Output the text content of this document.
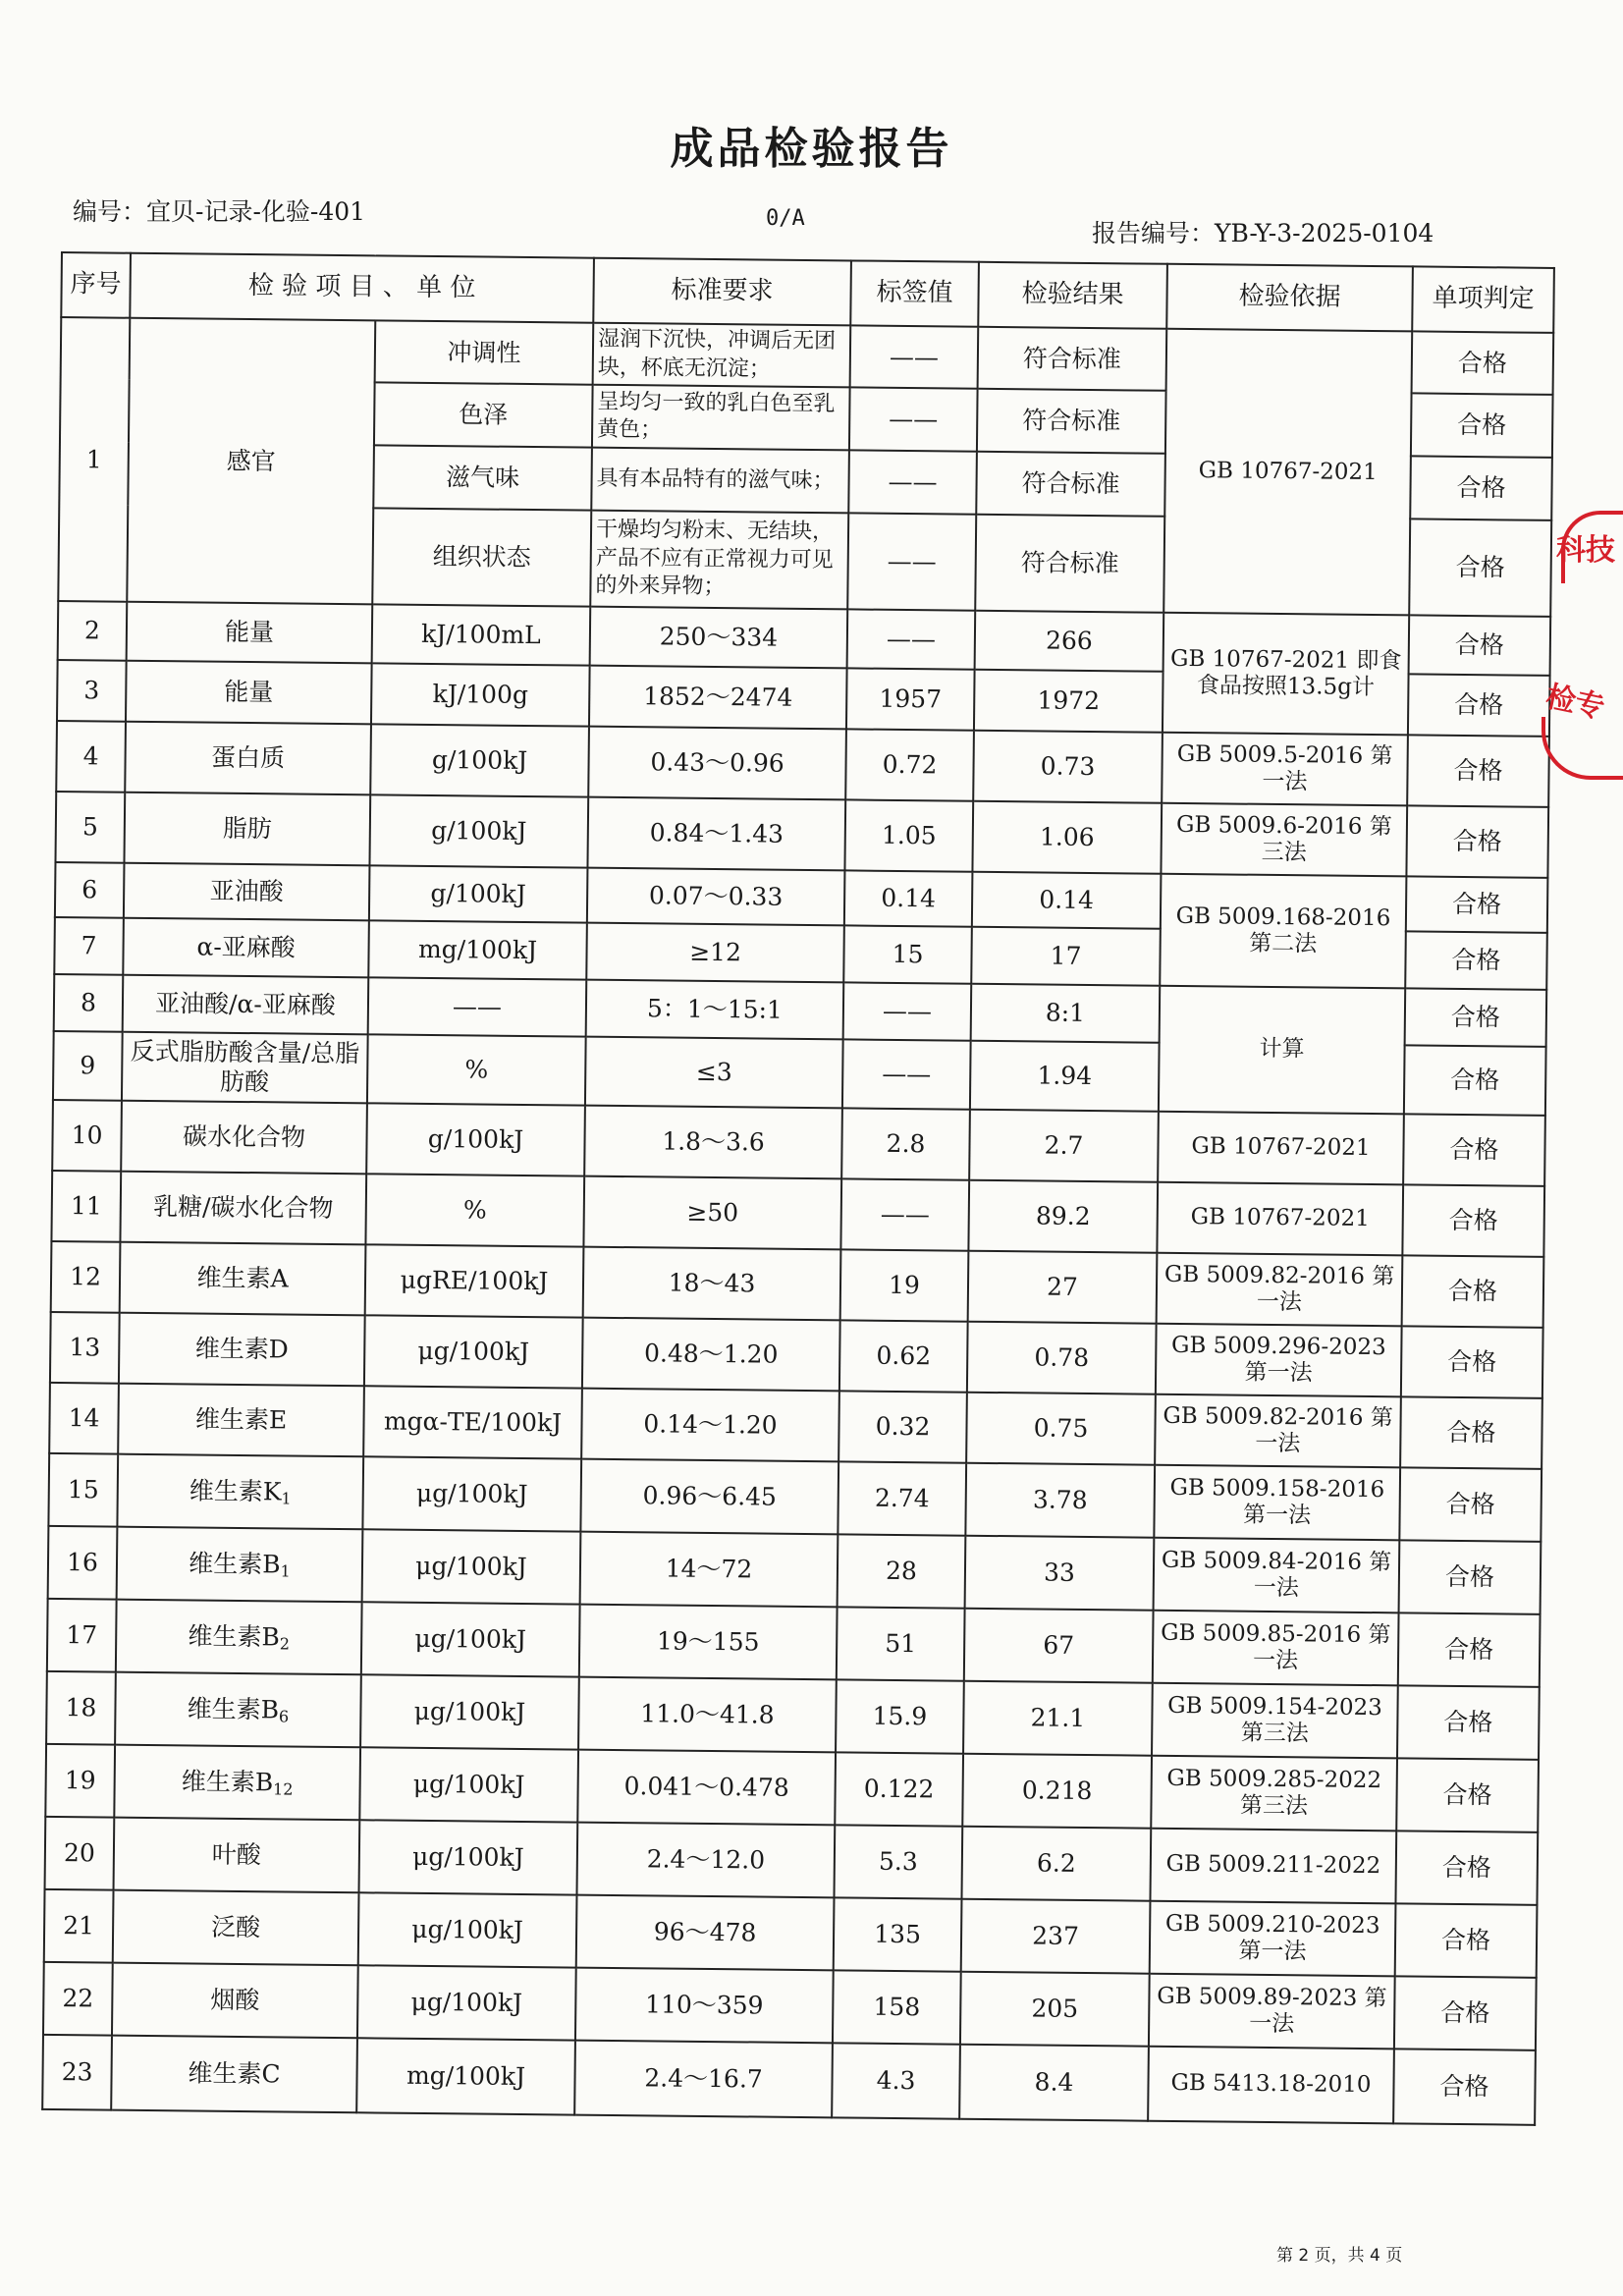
成品检验报告
编号：宜贝-记录-化验-401	0/A
报告编号：YB-Y-3-2025-0104
序号	检 验 项 目 、 单 位		标准要求	标签值	检验结果	检验依据	单项判定
1	感官	冲调性	湿润下沉快，冲调后无团块，杯底无沉淀；	——	符合标准	GB 10767-2021	合格
		色泽	呈均匀一致的乳白色至乳黄色；	——	符合标准		合格
		滋气味	具有本品特有的滋气味；	——	符合标准		合格
		组织状态	干燥均匀粉末、无结块，产品不应有正常视力可见的外来异物；	——	符合标准		合格
2	能量	kJ/100mL	250～334	——	266	GB 10767-2021 即食食品按照13.5g计	合格
3	能量	kJ/100g	1852～2474	1957	1972		合格
4	蛋白质	g/100kJ	0.43～0.96	0.72	0.73	GB 5009.5-2016 第一法	合格
5	脂肪	g/100kJ	0.84～1.43	1.05	1.06	GB 5009.6-2016 第三法	合格
6	亚油酸	g/100kJ	0.07～0.33	0.14	0.14	GB 5009.168-2016 第二法	合格
7	α-亚麻酸	mg/100kJ	≥12	15	17		合格
8	亚油酸/α-亚麻酸	——	5：1～15:1	——	8:1	计算	合格
9	反式脂肪酸含量/总脂肪酸	%	≤3	——	1.94		合格
10	碳水化合物	g/100kJ	1.8～3.6	2.8	2.7	GB 10767-2021	合格
11	乳糖/碳水化合物	%	≥50	——	89.2	GB 10767-2021	合格
12	维生素A	μgRE/100kJ	18～43	19	27	GB 5009.82-2016 第一法	合格
13	维生素D	μg/100kJ	0.48～1.20	0.62	0.78	GB 5009.296-2023 第一法	合格
14	维生素E	mgα-TE/100kJ	0.14～1.20	0.32	0.75	GB 5009.82-2016 第一法	合格
15	维生素$K_1$	μg/100kJ	0.96～6.45	2.74	3.78	GB 5009.158-2016 第一法	合格
16	维生素$B_1$	μg/100kJ	14～72	28	33	GB 5009.84-2016 第一法	合格
17	维生素$B_2$	μg/100kJ	19～155	51	67	GB 5009.85-2016 第一法	合格
18	维生素$B_6$	μg/100kJ	11.0～41.8	15.9	21.1	GB 5009.154-2023 第三法	合格
19	维生素$B_{12}$	μg/100kJ	0.041～0.478	0.122	0.218	GB 5009.285-2022 第三法	合格
20	叶酸	μg/100kJ	2.4～12.0	5.3	6.2	GB 5009.211-2022	合格
21	泛酸	μg/100kJ	96～478	135	237	GB 5009.210-2023 第一法	合格
22	烟酸	μg/100kJ	110～359	158	205	GB 5009.89-2023 第一法	合格
23	维生素C	mg/100kJ	2.4～16.7	4.3	8.4	GB 5413.18-2010	合格
科技
检专
第 2 页，共 4 页
